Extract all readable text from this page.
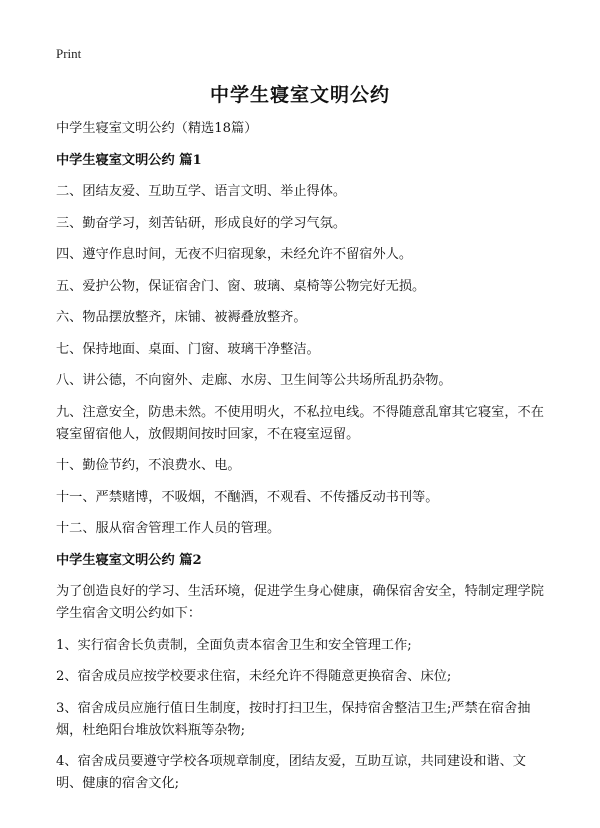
Print
中学生寝室文明公约

中学生寝室文明公约（精选18篇）

中学生寝室文明公约 篇1

二、团结友爱、互助互学、语言文明、举止得体。

三、勤奋学习，刻苦钻研，形成良好的学习气氛。

四、遵守作息时间，无夜不归宿现象，未经允许不留宿外人。

五、爱护公物，保证宿舍门、窗、玻璃、桌椅等公物完好无损。

六、物品摆放整齐，床铺、被褥叠放整齐。

七、保持地面、桌面、门窗、玻璃干净整洁。

八、讲公德，不向窗外、走廊、水房、卫生间等公共场所乱扔杂物。

九、注意安全，防患未然。不使用明火，不私拉电线。不得随意乱窜其它寝室，不在寝室留宿他人，放假期间按时回家，不在寝室逗留。

十、勤俭节约，不浪费水、电。

十一、严禁赌博，不吸烟，不酗酒，不观看、不传播反动书刊等。

十二、服从宿舍管理工作人员的管理。

中学生寝室文明公约 篇2

为了创造良好的学习、生活环境，促进学生身心健康，确保宿舍安全，特制定理学院学生宿舍文明公约如下：

1、实行宿舍长负责制，全面负责本宿舍卫生和安全管理工作;

2、宿舍成员应按学校要求住宿，未经允许不得随意更换宿舍、床位;

3、宿舍成员应施行值日生制度，按时打扫卫生，保持宿舍整洁卫生;严禁在宿舍抽烟，杜绝阳台堆放饮料瓶等杂物;

4、宿舍成员要遵守学校各项规章制度，团结友爱，互助互谅，共同建设和谐、文明、健康的宿舍文化;
